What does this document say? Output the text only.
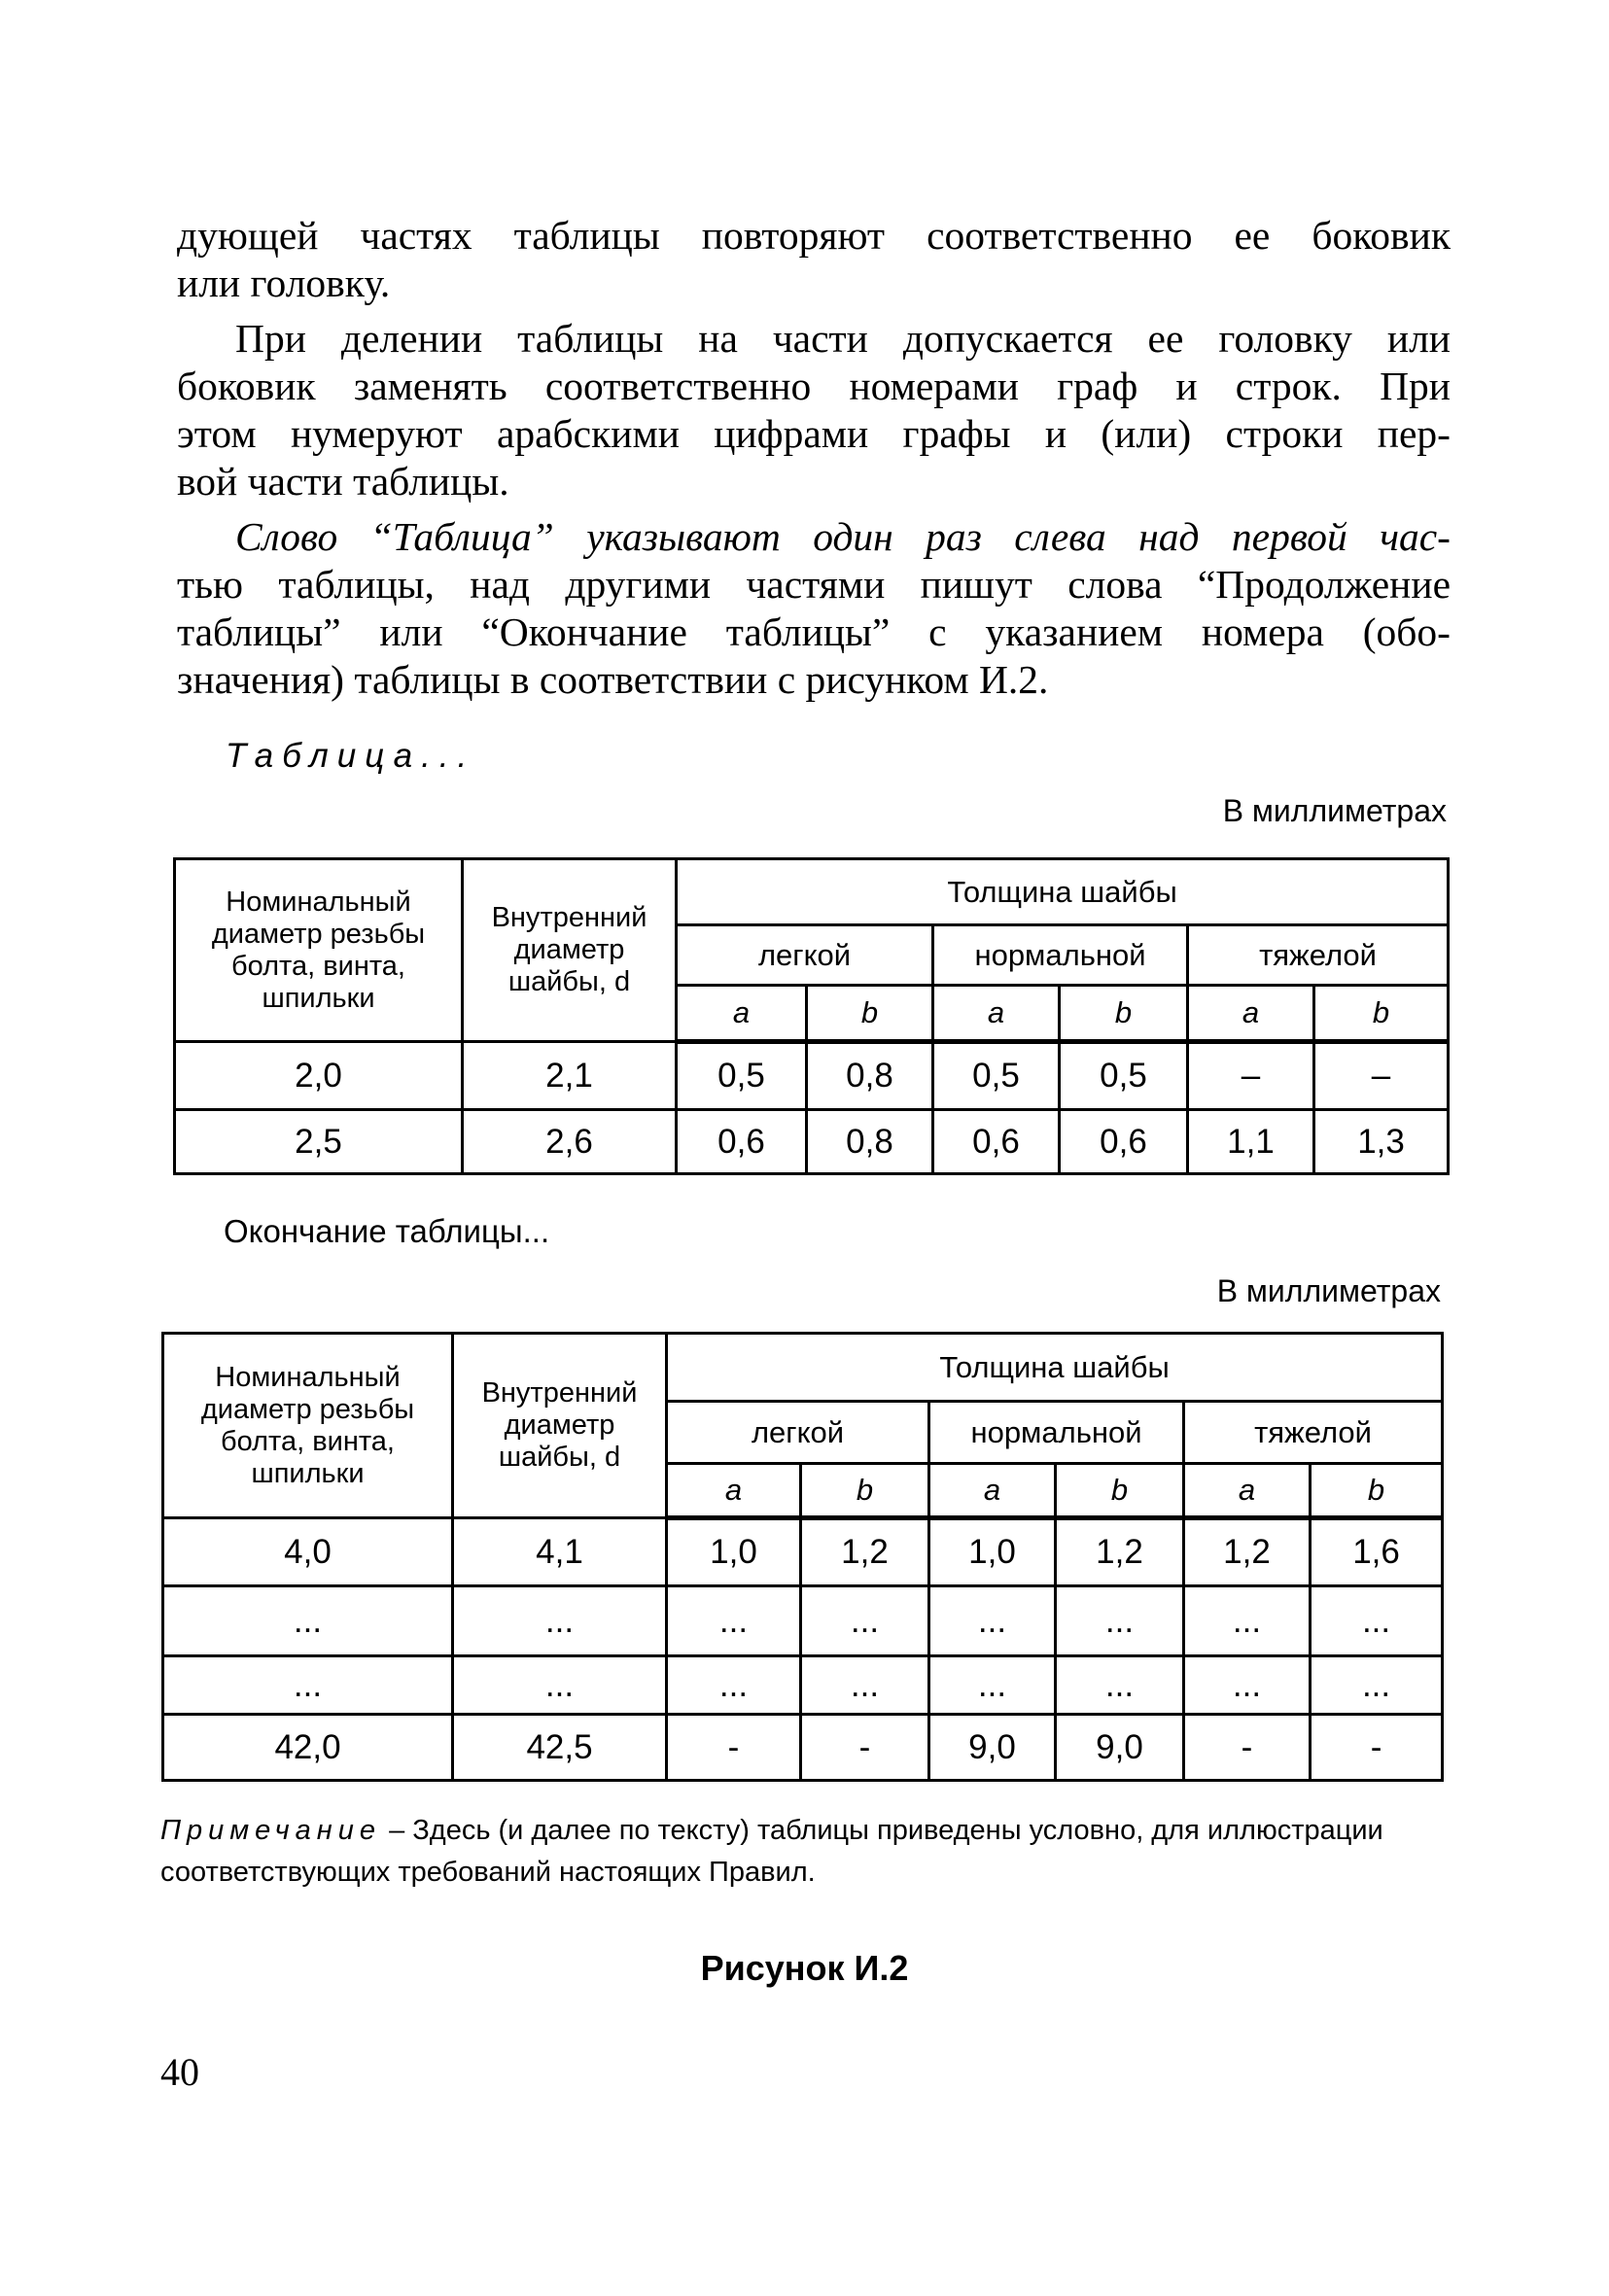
дующей частях таблицы повторяют соответственно ее боковик
или головку.

При делении таблицы на части допускается ее головку или
боковик заменять соответственно номерами граф и строк. При
этом нумеруют арабскими цифрами графы и (или) строки пер-
вой части таблицы.

Слово “Таблица” указывают один раз слева над первой час-
тью таблицы, над другими частями пишут слова “Продолжение
таблицы” или “Окончание таблицы” с указанием номера (обо-
значения) таблицы в соответствии с рисунком И.2.

Таблица...
В миллиметрах
Номинальный диаметр резьбы болта, винта, шпильки	Внутренний диаметр шайбы, d	Толщина шайбы					
		легкой		нормальной		тяжелой	
		a	b	a	b	a	b
2,0	2,1	0,5	0,8	0,5	0,5	–	–
2,5	2,6	0,6	0,8	0,6	0,6	1,1	1,3
Окончание таблицы...
В миллиметрах
Номинальный диаметр резьбы болта, винта, шпильки	Внутренний диаметр шайбы, d	Толщина шайбы					
		легкой		нормальной		тяжелой	
		a	b	a	b	a	b
4,0	4,1	1,0	1,2	1,0	1,2	1,2	1,6
...	...	...	...	...	...	...	...
...	...	...	...	...	...	...	...
42,0	42,5	-	-	9,0	9,0	-	-
Примечание – Здесь (и далее по тексту) таблицы приведены условно, для иллюстрации соответствующих требований настоящих Правил.
Рисунок И.2
40
